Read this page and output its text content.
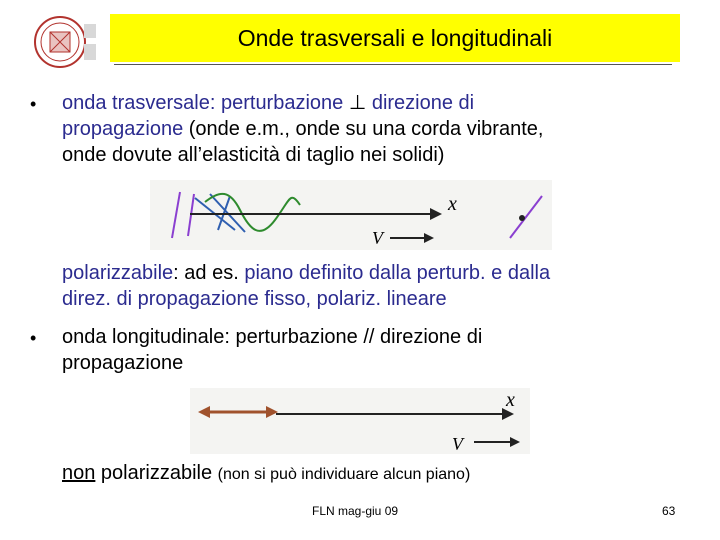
Onde trasversali e longitudinali
• onda trasversale: perturbazione ⊥ direzione di
propagazione (onde e.m., onde su una corda vibrante,
onde dovute all’elasticità di taglio nei solidi)
x
V
polarizzabile: ad es. piano definito dalla perturb. e dalla
direz. di propagazione fisso, polariz. lineare
• onda longitudinale: perturbazione // direzione di
propagazione
x
V
non polarizzabile (non si può individuare alcun piano)
FLN mag-giu 09	63
